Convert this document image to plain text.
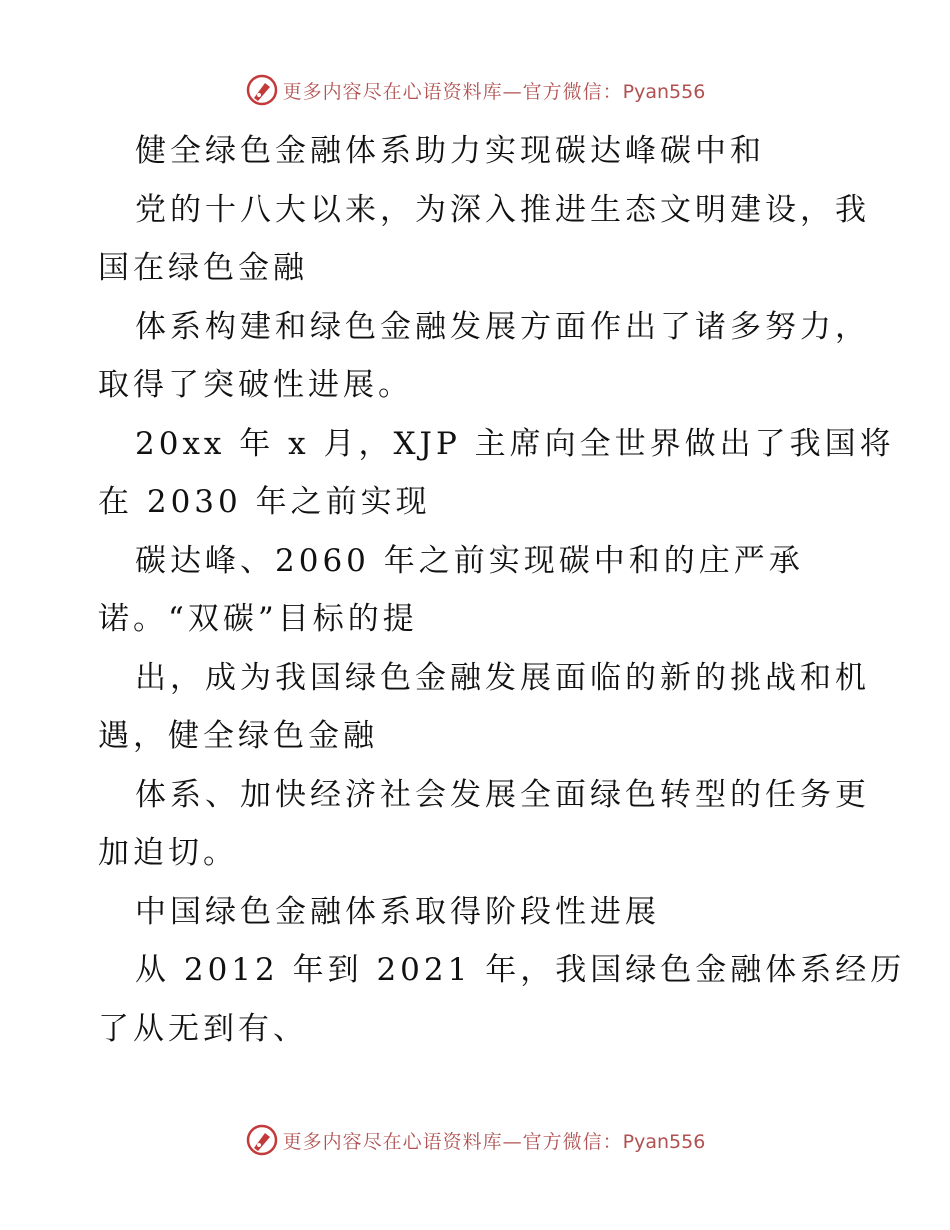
更多内容尽在心语资料库—官方微信：Pyan556
健全绿色金融体系助力实现碳达峰碳中和
党的十八大以来，为深入推进生态文明建设，我
国在绿色金融
体系构建和绿色金融发展方面作出了诸多努力，
取得了突破性进展。
20xx 年 x 月，XJP 主席向全世界做出了我国将
在 2030 年之前实现
碳达峰、2060 年之前实现碳中和的庄严承
诺。“双碳”目标的提
出，成为我国绿色金融发展面临的新的挑战和机
遇，健全绿色金融
体系、加快经济社会发展全面绿色转型的任务更
加迫切。
中国绿色金融体系取得阶段性进展
从 2012 年到 2021 年，我国绿色金融体系经历
了从无到有、
更多内容尽在心语资料库—官方微信：Pyan556
